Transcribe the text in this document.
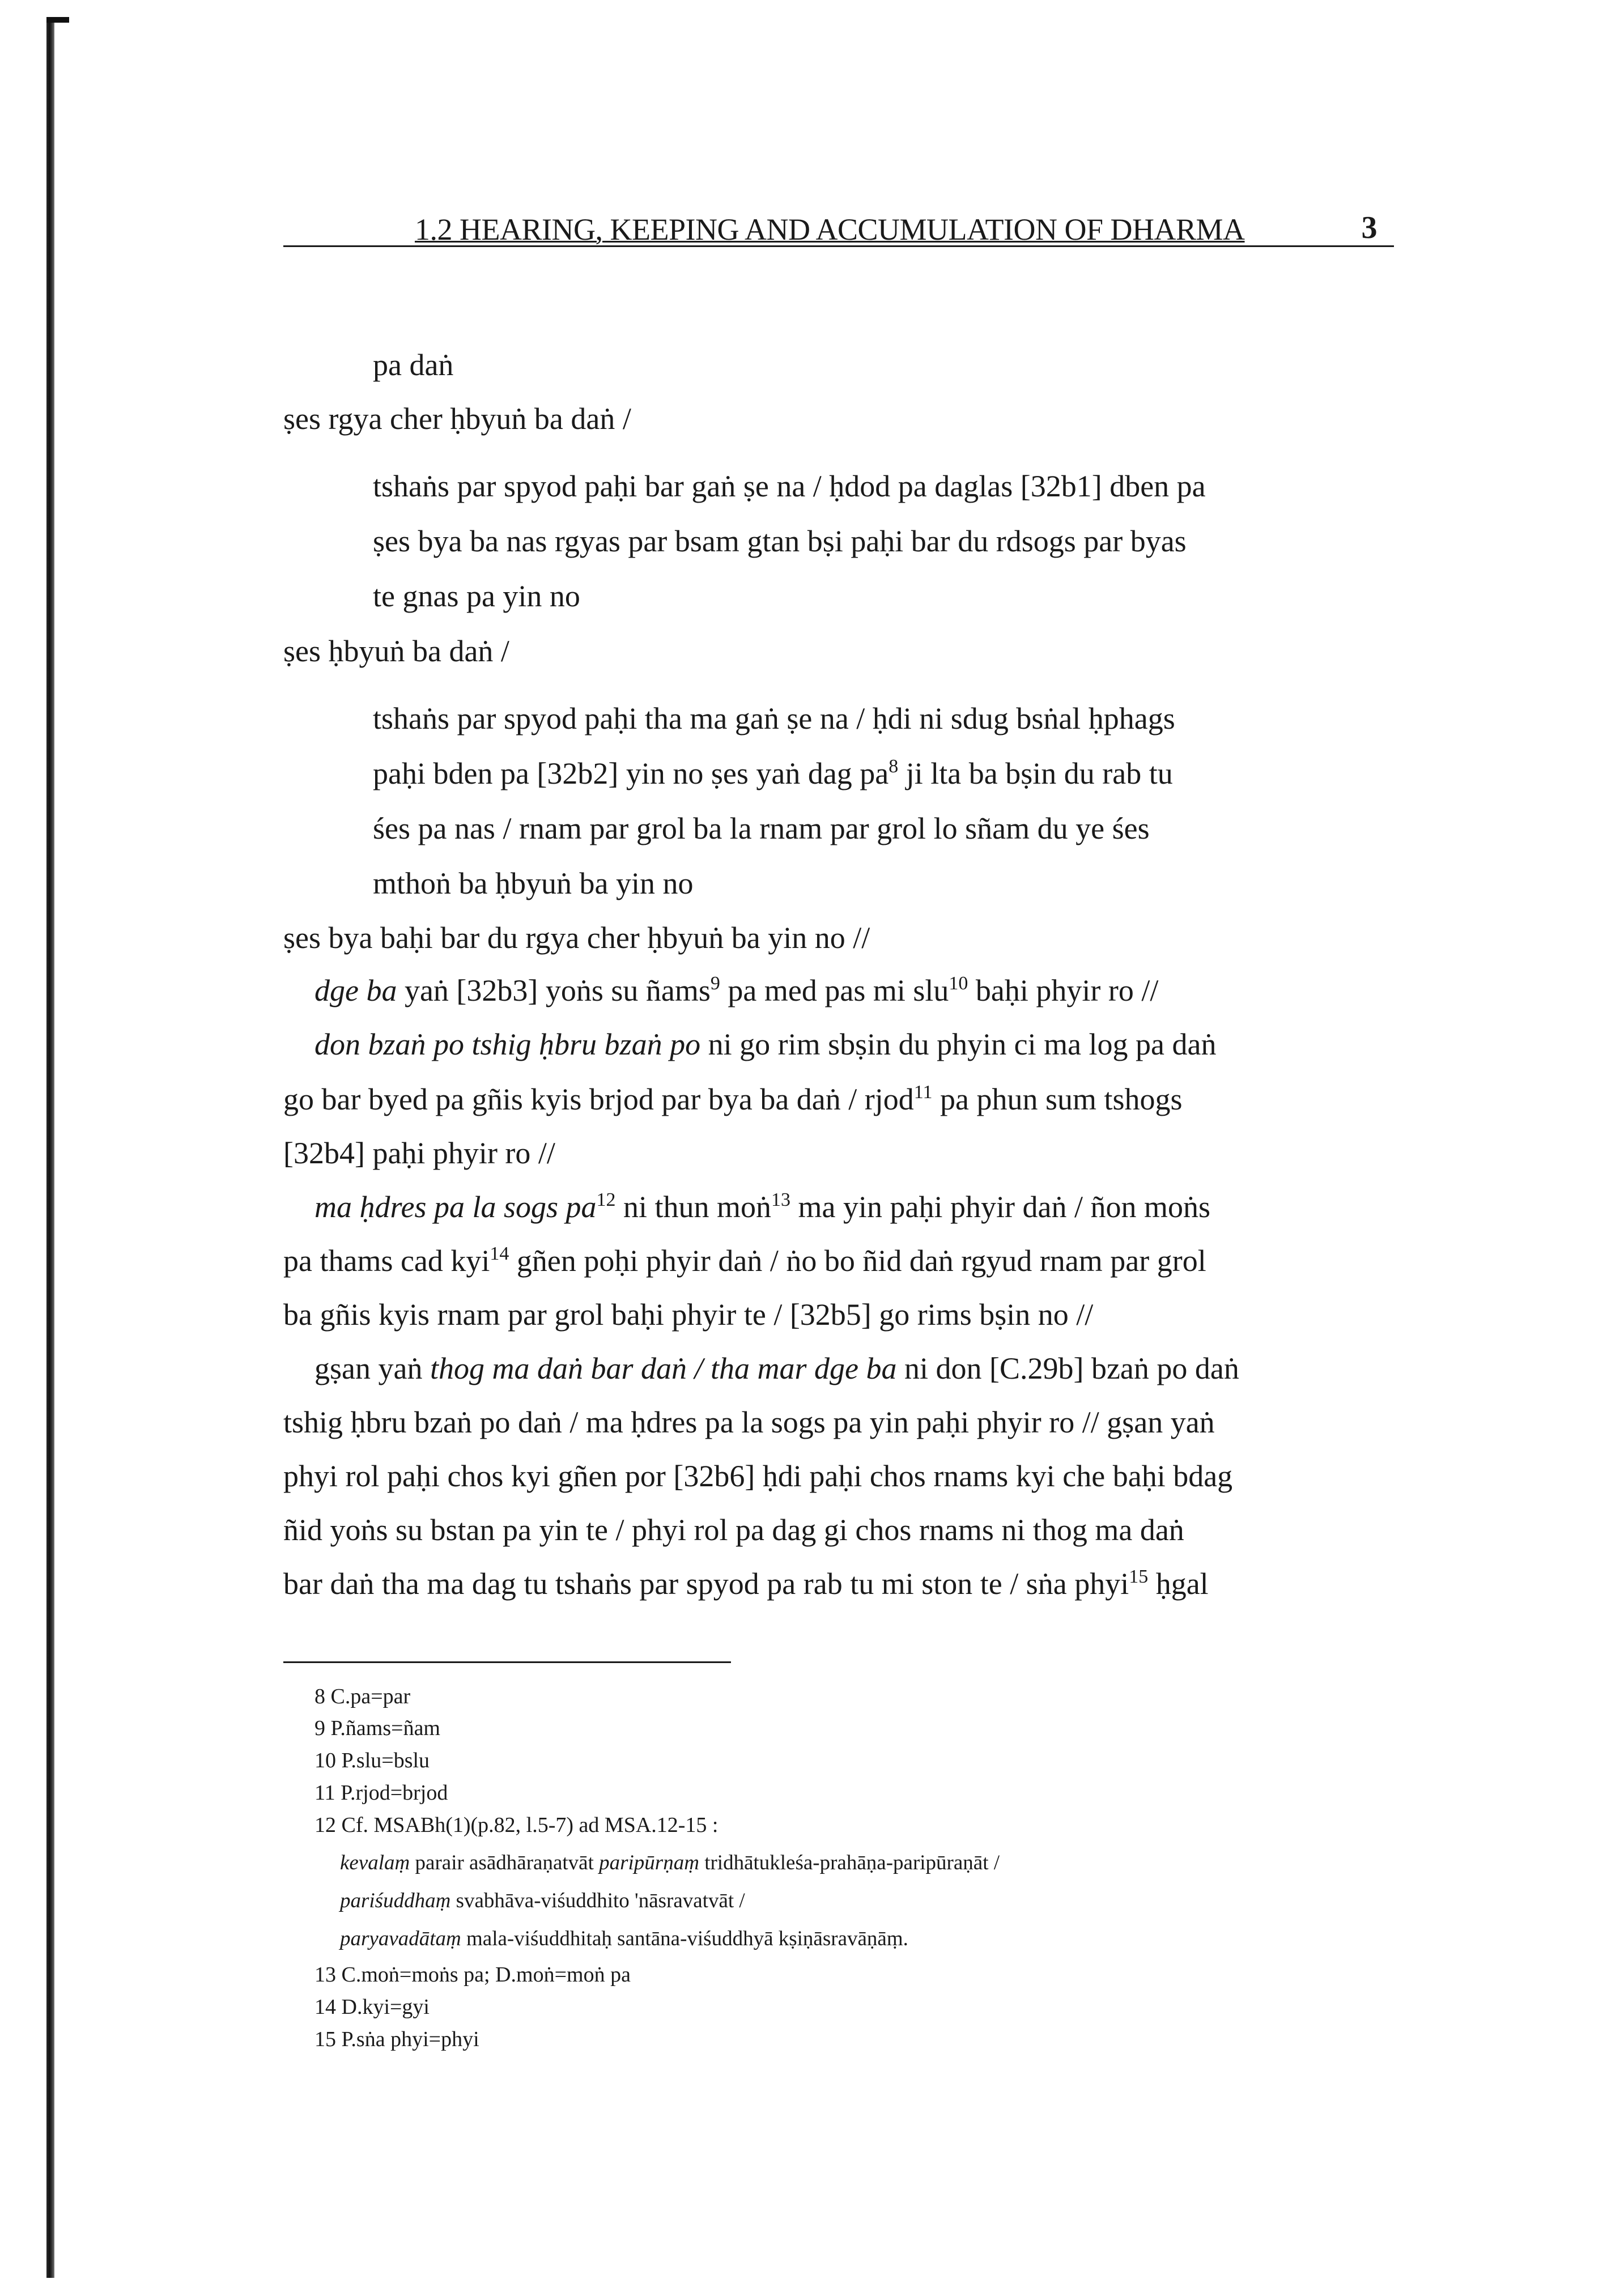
1.2 HEARING, KEEPING AND ACCUMULATION OF DHARMA	3
pa daṅ
ṣes rgya cher ḥbyuṅ ba daṅ /
tshaṅs par spyod paḥi bar gaṅ ṣe na / ḥdod pa daglas [32b1] dben pa
ṣes bya ba nas rgyas par bsam gtan bṣi paḥi bar du rdsogs par byas
te gnas pa yin no
ṣes ḥbyuṅ ba daṅ /
tshaṅs par spyod paḥi tha ma gaṅ ṣe na / ḥdi ni sdug bsṅal ḥphags
paḥi bden pa [32b2] yin no ṣes yaṅ dag $pa^8$ ji lta ba bṣin du rab tu
śes pa nas / rnam par grol ba la rnam par grol lo sñam du ye śes
mthoṅ ba ḥbyuṅ ba yin no
ṣes bya baḥi bar du rgya cher ḥbyuṅ ba yin no //
dge ba yaṅ [32b3] yoṅs su ñams$^9$ pa med pas mi slu$^{10}$ baḥi phyir ro //
don bzaṅ po tshig ḥbru bzaṅ po ni go rim sbṣin du phyin ci ma log pa daṅ
go bar byed pa gñis kyis brjod par bya ba daṅ / rjod$^{11}$ pa phun sum tshogs
[32b4] paḥi phyir ro //
ma ḥdres pa la sogs $pa^{12}$ ni thun moṅ$^{13}$ ma yin paḥi phyir daṅ / ñon moṅs
pa thams cad kyi$^{14}$ gñen poḥi phyir daṅ / ṅo bo ñid daṅ rgyud rnam par grol
ba gñis kyis rnam par grol baḥi phyir te / [32b5] go rims bṣin no //
gṣan yaṅ thog ma daṅ bar daṅ / tha mar dge ba ni don [C.29b] bzaṅ po daṅ
tshig ḥbru bzaṅ po daṅ / ma ḥdres pa la sogs pa yin paḥi phyir ro // gṣan yaṅ
phyi rol paḥi chos kyi gñen por [32b6] ḥdi paḥi chos rnams kyi che baḥi bdag
ñid yoṅs su bstan pa yin te / phyi rol pa dag gi chos rnams ni thog ma daṅ
bar daṅ tha ma dag tu tshaṅs par spyod pa rab tu mi ston te / sṅa phyi$^{15}$ ḥgal
8 C.pa=par
9 P.ñams=ñam
10 P.slu=bslu
11 P.rjod=brjod
12 Cf. MSABh(1)(p.82, l.5-7) ad MSA.12-15 :
kevalaṃ parair asādhāraṇatvāt paripūrṇaṃ tridhātukleśa-prahāṇa-paripūraṇāt /
pariśuddhaṃ svabhāva-viśuddhito 'nāsravatvāt /
paryavadātaṃ mala-viśuddhitaḥ santāna-viśuddhyā kṣiṇāsravāṇāṃ.
13 C.moṅ=moṅs pa; D.moṅ=moṅ pa
14 D.kyi=gyi
15 P.sṅa phyi=phyi
